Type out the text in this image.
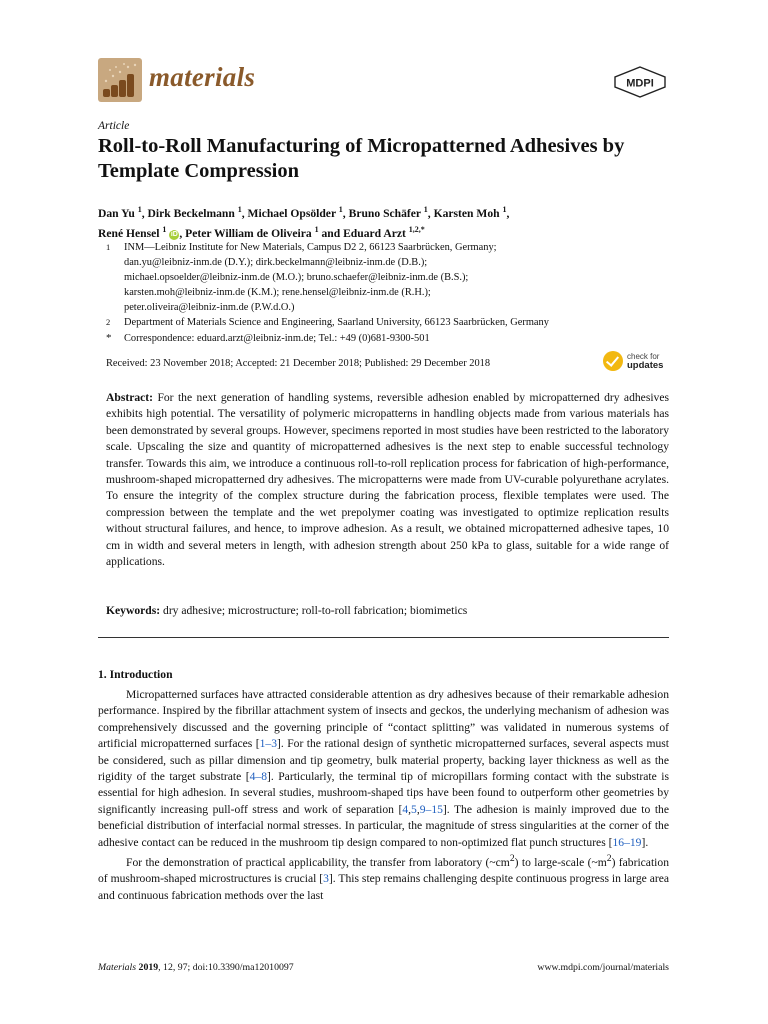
materials	MDPI
Article
Roll-to-Roll Manufacturing of Micropatterned Adhesives by Template Compression
Dan Yu $^1$, Dirk Beckelmann $^1$, Michael Opsölder $^1$, Bruno Schäfer $^1$, Karsten Moh $^1$,
René Hensel $^1$ iD , Peter William de Oliveira $^1$ and Eduard Arzt $^{1,2,*}$
1	INM—Leibniz Institute for New Materials, Campus D2 2, 66123 Saarbrücken, Germany;
dan.yu@leibniz-inm.de (D.Y.); dirk.beckelmann@leibniz-inm.de (D.B.);
michael.opsoelder@leibniz-inm.de (M.O.); bruno.schaefer@leibniz-inm.de (B.S.);
karsten.moh@leibniz-inm.de (K.M.); rene.hensel@leibniz-inm.de (R.H.);
peter.oliveira@leibniz-inm.de (P.W.d.O.)
2	Department of Materials Science and Engineering, Saarland University, 66123 Saarbrücken, Germany
*	Correspondence: eduard.arzt@leibniz-inm.de; Tel.: +49 (0)681-9300-501
Received: 23 November 2018; Accepted: 21 December 2018; Published: 29 December 2018
check for
updates
Abstract: For the next generation of handling systems, reversible adhesion enabled by micropatterned dry adhesives exhibits high potential. The versatility of polymeric micropatterns in handling objects made from various materials has been demonstrated by several groups. However, specimens reported in most studies have been restricted to the laboratory scale. Upscaling the size and quantity of micropatterned adhesives is the next step to enable successful technology transfer. Towards this aim, we introduce a continuous roll-to-roll replication process for fabrication of high-performance, mushroom-shaped micropatterned dry adhesives. The micropatterns were made from UV-curable polyurethane acrylates. To ensure the integrity of the complex structure during the fabrication process, flexible templates were used. The compression between the template and the wet prepolymer coating was investigated to optimize replication results without structural failures, and hence, to improve adhesion. As a result, we obtained micropatterned adhesive tapes, 10 cm in width and several meters in length, with adhesion strength about 250 kPa to glass, suitable for a wide range of applications.
Keywords: dry adhesive; microstructure; roll-to-roll fabrication; biomimetics
1. Introduction

Micropatterned surfaces have attracted considerable attention as dry adhesives because of their remarkable adhesion performance. Inspired by the fibrillar attachment system of insects and geckos, the underlying mechanism of adhesion was comprehensively discussed and the governing principle of “contact splitting” was validated in numerous systems of artificial micropatterned surfaces [1–3]. For the rational design of synthetic micropatterned surfaces, several aspects must be considered, such as pillar dimension and tip geometry, bulk material property, backing layer thickness as well as the rigidity of the target substrate [4–8]. Particularly, the terminal tip of micropillars forming contact with the substrate is essential for high adhesion. In several studies, mushroom-shaped tips have been found to outperform other geometries by significantly increasing pull-off stress and work of separation [4,5,9–15]. The adhesion is mainly improved due to the beneficial distribution of interfacial normal stresses. In particular, the magnitude of stress singularities at the corner of the adhesive contact can be reduced in the mushroom tip design compared to non-optimized flat punch structures [16–19].

For the demonstration of practical applicability, the transfer from laboratory $(\sim cm^2)$ to large-scale $(\sim m^2)$ fabrication of mushroom-shaped microstructures is crucial [3]. This step remains challenging despite continuous progress in large area and continuous fabrication methods over the last

Materials 2019, 12, 97; doi:10.3390/ma12010097	www.mdpi.com/journal/materials
